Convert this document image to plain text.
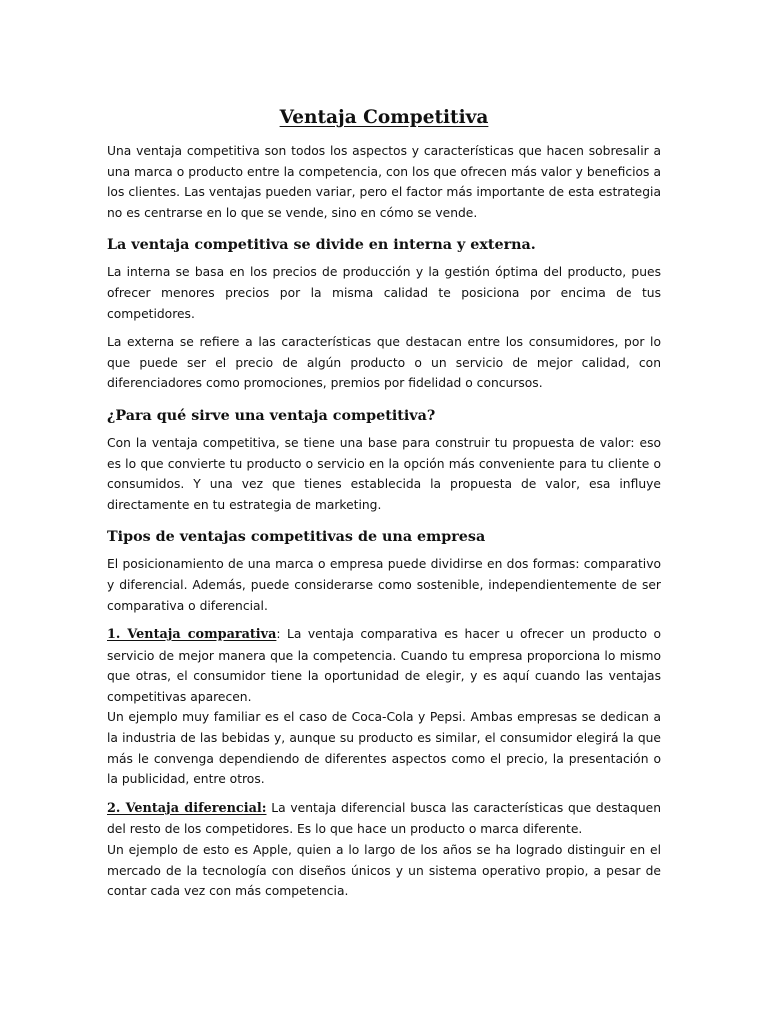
Ventaja Competitiva

Una ventaja competitiva son todos los aspectos y características que hacen sobresalir a una marca o producto entre la competencia, con los que ofrecen más valor y beneficios a los clientes. Las ventajas pueden variar, pero el factor más importante de esta estrategia no es centrarse en lo que se vende, sino en cómo se vende.

La ventaja competitiva se divide en interna y externa.

La interna se basa en los precios de producción y la gestión óptima del producto, pues ofrecer menores precios por la misma calidad te posiciona por encima de tus competidores.

La externa se refiere a las características que destacan entre los consumidores, por lo que puede ser el precio de algún producto o un servicio de mejor calidad, con diferenciadores como promociones, premios por fidelidad o concursos.

¿Para qué sirve una ventaja competitiva?

Con la ventaja competitiva, se tiene una base para construir tu propuesta de valor: eso es lo que convierte tu producto o servicio en la opción más conveniente para tu cliente o consumidos. Y una vez que tienes establecida la propuesta de valor, esa influye directamente en tu estrategia de marketing.

Tipos de ventajas competitivas de una empresa

El posicionamiento de una marca o empresa puede dividirse en dos formas: comparativo y diferencial. Además, puede considerarse como sostenible, independientemente de ser comparativa o diferencial.

1. Ventaja comparativa: La ventaja comparativa es hacer u ofrecer un producto o servicio de mejor manera que la competencia. Cuando tu empresa proporciona lo mismo que otras, el consumidor tiene la oportunidad de elegir, y es aquí cuando las ventajas competitivas aparecen.

Un ejemplo muy familiar es el caso de Coca-Cola y Pepsi. Ambas empresas se dedican a la industria de las bebidas y, aunque su producto es similar, el consumidor elegirá la que más le convenga dependiendo de diferentes aspectos como el precio, la presentación o la publicidad, entre otros.

2. Ventaja diferencial: La ventaja diferencial busca las características que destaquen del resto de los competidores. Es lo que hace un producto o marca diferente.

Un ejemplo de esto es Apple, quien a lo largo de los años se ha logrado distinguir en el mercado de la tecnología con diseños únicos y un sistema operativo propio, a pesar de contar cada vez con más competencia.
